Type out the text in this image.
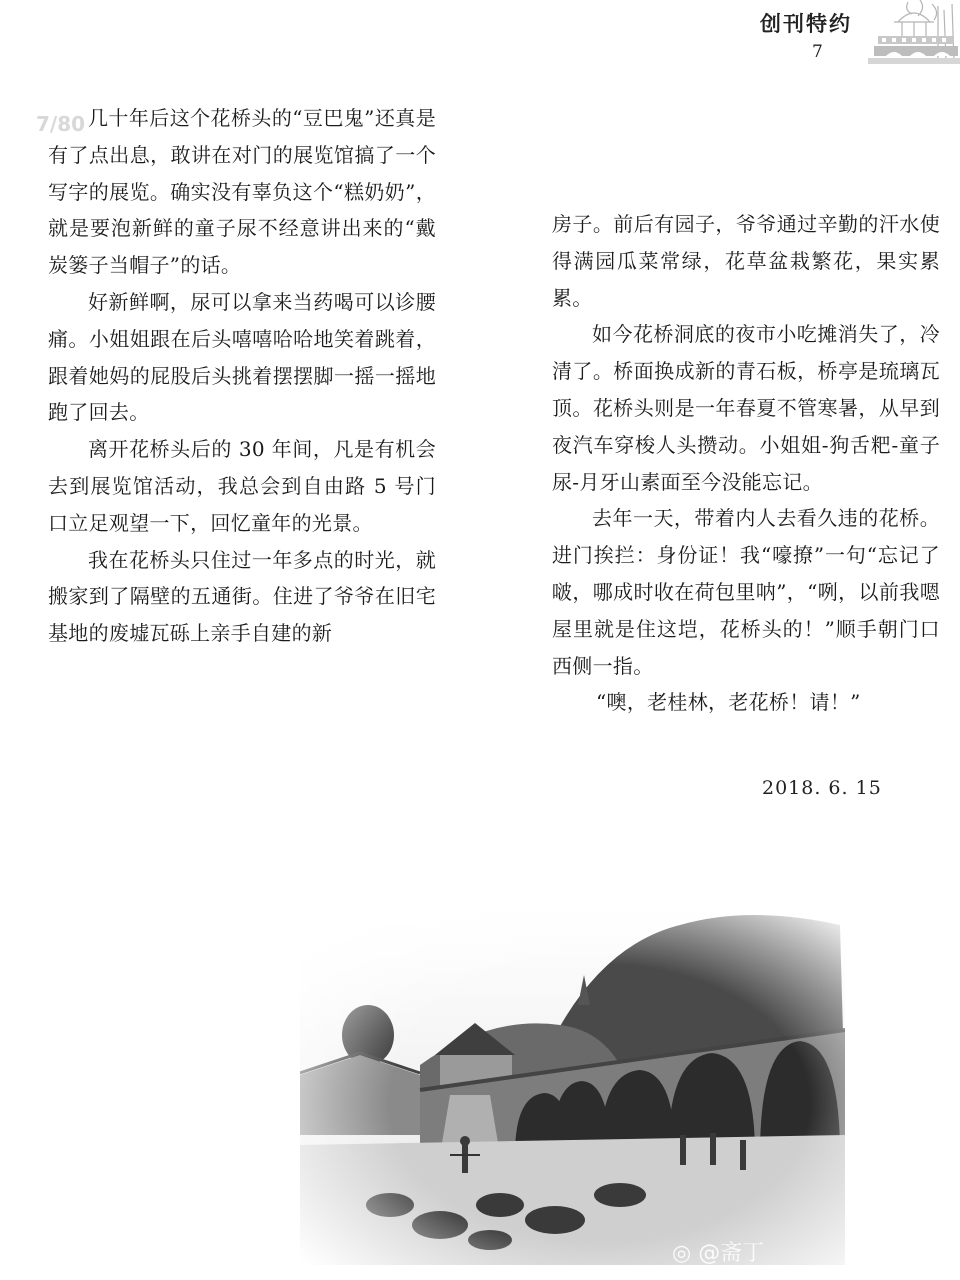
创刊特约
7
7/80 几十年后这个花桥头的“豆巴鬼”还真是有了点出息，敢讲在对门的展览馆搞了一个写字的展览。确实没有辜负这个“糕奶奶”，就是要泡新鲜的童子尿不经意讲出来的“戴炭篓子当帽子”的话。

好新鲜啊，尿可以拿来当药喝可以诊腰痛。小姐姐跟在后头嘻嘻哈哈地笑着跳着，跟着她妈的屁股后头挑着摆摆脚一摇一摇地跑了回去。

离开花桥头后的 30 年间，凡是有机会去到展览馆活动，我总会到自由路 5 号门口立足观望一下，回忆童年的光景。

我在花桥头只住过一年多点的时光，就搬家到了隔壁的五通街。住进了爷爷在旧宅基地的废墟瓦砾上亲手自建的新

房子。前后有园子，爷爷通过辛勤的汗水使得满园瓜菜常绿，花草盆栽繁花，果实累累。

如今花桥洞底的夜市小吃摊消失了，冷清了。桥面换成新的青石板，桥亭是琉璃瓦顶。花桥头则是一年春夏不管寒暑，从早到夜汽车穿梭人头攒动。小姐姐-狗舌粑-童子尿-月牙山素面至今没能忘记。

去年一天，带着内人去看久违的花桥。进门挨拦：身份证！我“嚎撩”一句“忘记了啵，哪成时收在荷包里呐”，“咧，以前我嗯屋里就是住这垲，花桥头的！”顺手朝门口西侧一指。

“噢，老桂林，老花桥！请！”

2018. 6. 15
◎ @斋丁
